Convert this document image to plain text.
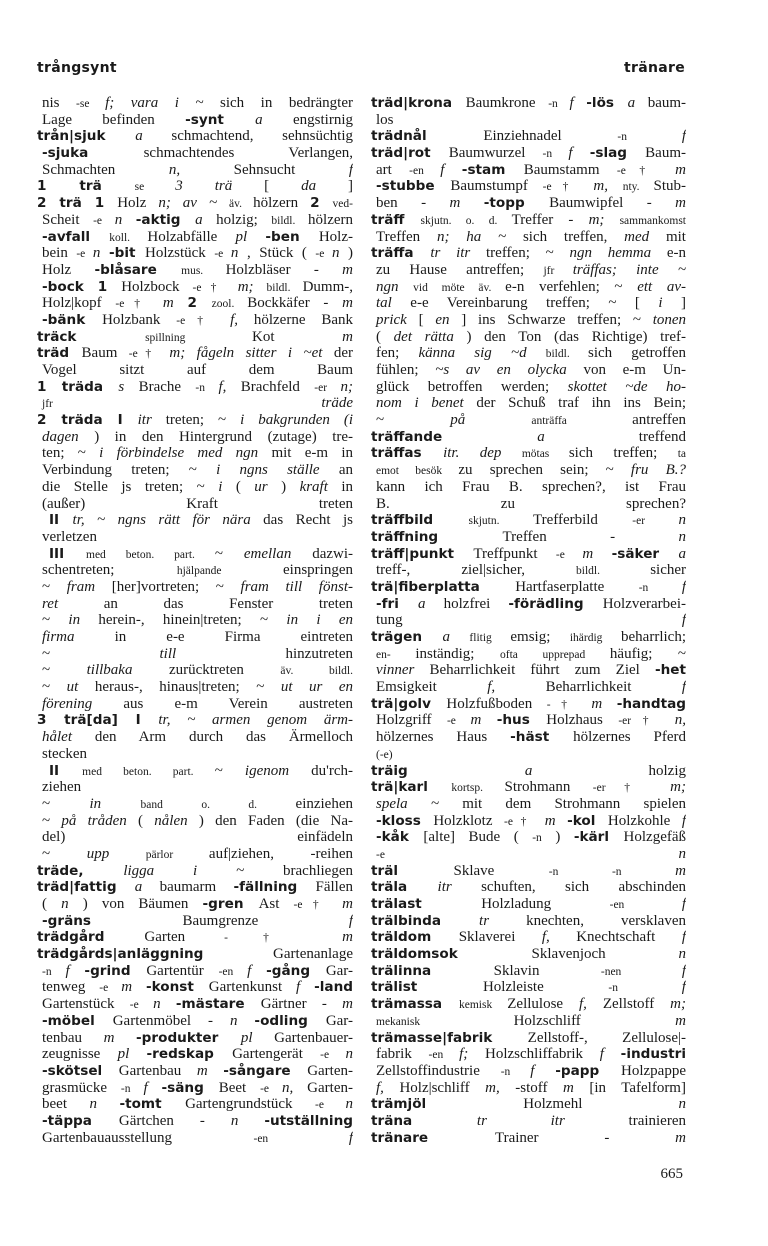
trångsynt	tränare
nis -se f; vara i ~ sich in bedrängter
Lage befinden -synt a engstirnig
trån|sjuk a schmachtend, sehnsüchtig
-sjuka schmachtendes Verlangen,
Schmachten n, Sehnsucht f
1 trä se 3 trä [ da ]
2 trä 1 Holz n; av ~ äv. hölzern 2 ved-
Scheit -e n -aktig a holzig; bildl. hölzern
-avfall koll. Holzabfälle pl -ben Holz-
bein -e n -bit Holzstück -e n , Stück ( -e n )
Holz -blåsare mus. Holzbläser - m
-bock 1 Holzbock -e† m; bildl. Dumm-,
Holz|kopf -e† m 2 zool. Bockkäfer - m
-bänk Holzbank -e† f, hölzerne Bank
träck spillning Kot m
träd Baum -e† m; fågeln sitter i ~et der
Vogel sitzt auf dem Baum
1 träda s Brache -n f, Brachfeld -er n;
jfr träde
2 träda I itr treten; ~ i bakgrunden (i
dagen ) in den Hintergrund (zutage) tre-
ten; ~ i förbindelse med ngn mit e-m in
Verbindung treten; ~ i ngns ställe an
die Stelle js treten; ~ i ( ur ) kraft in
(außer) Kraft treten
II tr, ~ ngns rätt för nära das Recht js
verletzen
III med beton. part. ~ emellan dazwi-
schentreten; hjälpande einspringen
~ fram [her]vortreten; ~ fram till fönst-
ret an das Fenster treten
~ in herein-, hinein|treten; ~ in i en
firma in e-e Firma eintreten
~ till hinzutreten
~ tillbaka zurücktreten äv. bildl.
~ ut heraus-, hinaus|treten; ~ ut ur en
förening aus e-m Verein austreten
3 trä[da] I tr, ~ armen genom ärm-
hålet den Arm durch das Ärmelloch
stecken
II med beton. part. ~ igenom du'rch-
ziehen
~ in band o. d. einziehen
~ på tråden ( nålen ) den Faden (die Na-
del) einfädeln
~ upp pärlor auf|ziehen, -reihen
träde, ligga i ~ brachliegen
träd|fattig a baumarm -fällning Fällen
( n ) von Bäumen -gren Ast -e† m
-gräns Baumgrenze f
trädgård Garten -† m
trädgårds|anläggning Gartenanlage
-n f -grind Gartentür -en f -gång Gar-
tenweg -e m -konst Gartenkunst f -land
Gartenstück -e n -mästare Gärtner - m
-möbel Gartenmöbel - n -odling Gar-
tenbau m -produkter pl Gartenbauer-
zeugnisse pl -redskap Gartengerät -e n
-skötsel Gartenbau m -sångare Garten-
grasmücke -n f -säng Beet -e n, Garten-
beet n -tomt Gartengrundstück -e n
-täppa Gärtchen - n -utställning
Gartenbauausstellung -en f
träd|krona Baumkrone -n f -lös a baum-
los
trädnål Einziehnadel -n f
träd|rot Baumwurzel -n f -slag Baum-
art -en f -stam Baumstamm -e† m
-stubbe Baumstumpf -e† m, nty. Stub-
ben - m -topp Baumwipfel - m
träff skjutn. o. d. Treffer - m; sammankomst
Treffen n; ha ~ sich treffen, med mit
träffa tr itr treffen; ~ ngn hemma e-n
zu Hause antreffen; jfr träffas; inte ~
ngn vid möte äv. e-n verfehlen; ~ ett av-
tal e-e Vereinbarung treffen; ~ [ i ]
prick [ en ] ins Schwarze treffen; ~ tonen
( det rätta ) den Ton (das Richtige) tref-
fen; känna sig ~d bildl. sich getroffen
fühlen; ~s av en olycka von e-m Un-
glück betroffen werden; skottet ~de ho-
nom i benet der Schuß traf ihn ins Bein;
~ på anträffa antreffen
träffande a treffend
träffas itr. dep mötas sich treffen; ta
emot besök zu sprechen sein; ~ fru B.?
kann ich Frau B. sprechen?, ist Frau
B. zu sprechen?
träffbild skjutn. Trefferbild -er n
träffning Treffen - n
träff|punkt Treffpunkt -e m -säker a
treff-, ziel|sicher, bildl. sicher
trä|fiberplatta Hartfaserplatte -n f
-fri a holzfrei -förädling Holzverarbei-
tung f
trägen a flitig emsig; ihärdig beharrlich;
en- inständig; ofta upprepad häufig; ~
vinner Beharrlichkeit führt zum Ziel -het
Emsigkeit f, Beharrlichkeit f
trä|golv Holzfußboden -† m -handtag
Holzgriff -e m -hus Holzhaus -er† n,
hölzernes Haus -häst hölzernes Pferd
(-e)
träig a holzig
trä|karl kortsp. Strohmann -er† m;
spela ~ mit dem Strohmann spielen
-kloss Holzklotz -e† m -kol Holzkohle f
-kåk [alte] Bude ( -n ) -kärl Holzgefäß
-e n
träl Sklave -n -n m
träla itr schuften, sich abschinden
trälast Holzladung -en f
trälbinda tr knechten, versklaven
träldom Sklaverei f, Knechtschaft f
träldomsok Sklavenjoch n
trälinna Sklavin -nen f
trälist Holzleiste -n f
trämassa kemisk Zellulose f, Zellstoff m;
mekanisk Holzschliff m
trämasse|fabrik Zellstoff-, Zellulose|-
fabrik -en f; Holzschliffabrik f -industri
Zellstoffindustrie -n f -papp Holzpappe
f, Holz|schliff m, -stoff m [in Tafelform]
trämjöl Holzmehl n
träna tr itr trainieren
tränare Trainer - m
665
